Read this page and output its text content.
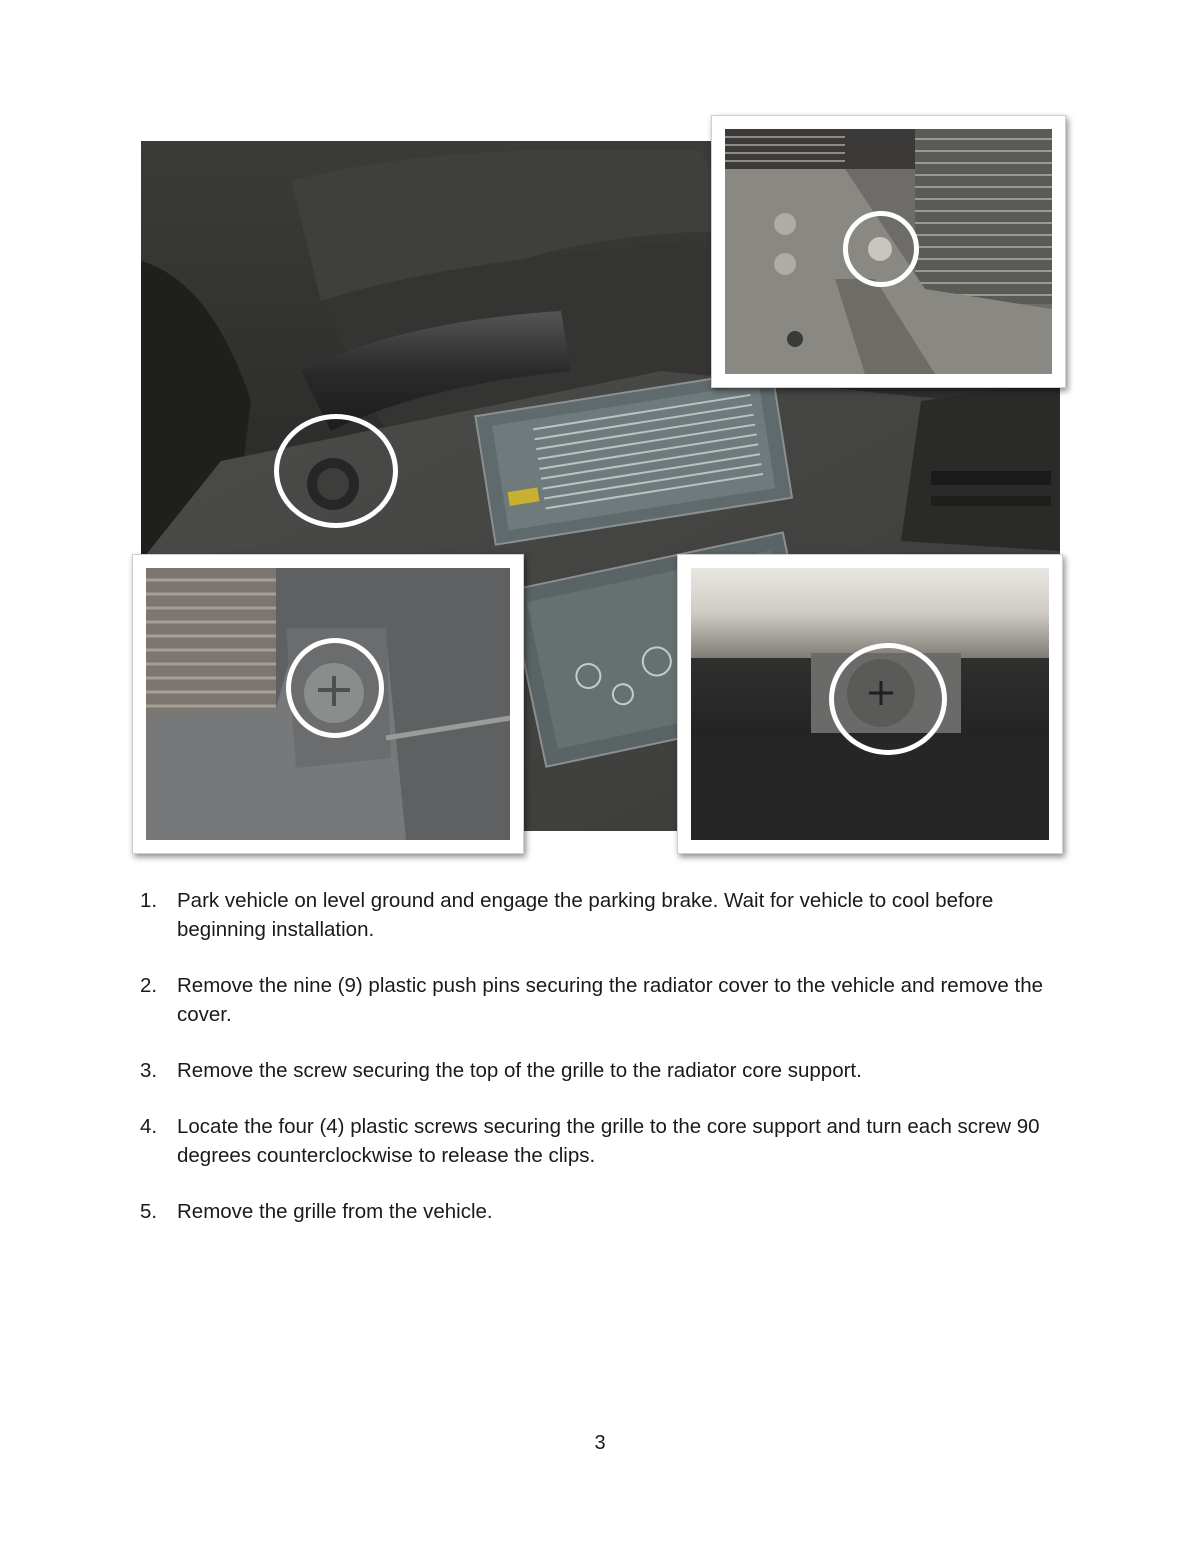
1. Park vehicle on level ground and engage the parking brake. Wait for vehicle to cool before beginning installation.
2. Remove the nine (9) plastic push pins securing the radiator cover to the vehicle and remove the cover.
3. Remove the screw securing the top of the grille to the radiator core support.
4. Locate the four (4) plastic screws securing the grille to the core support and turn each screw 90 degrees counterclockwise to release the clips.
5. Remove the grille from the vehicle.
3
